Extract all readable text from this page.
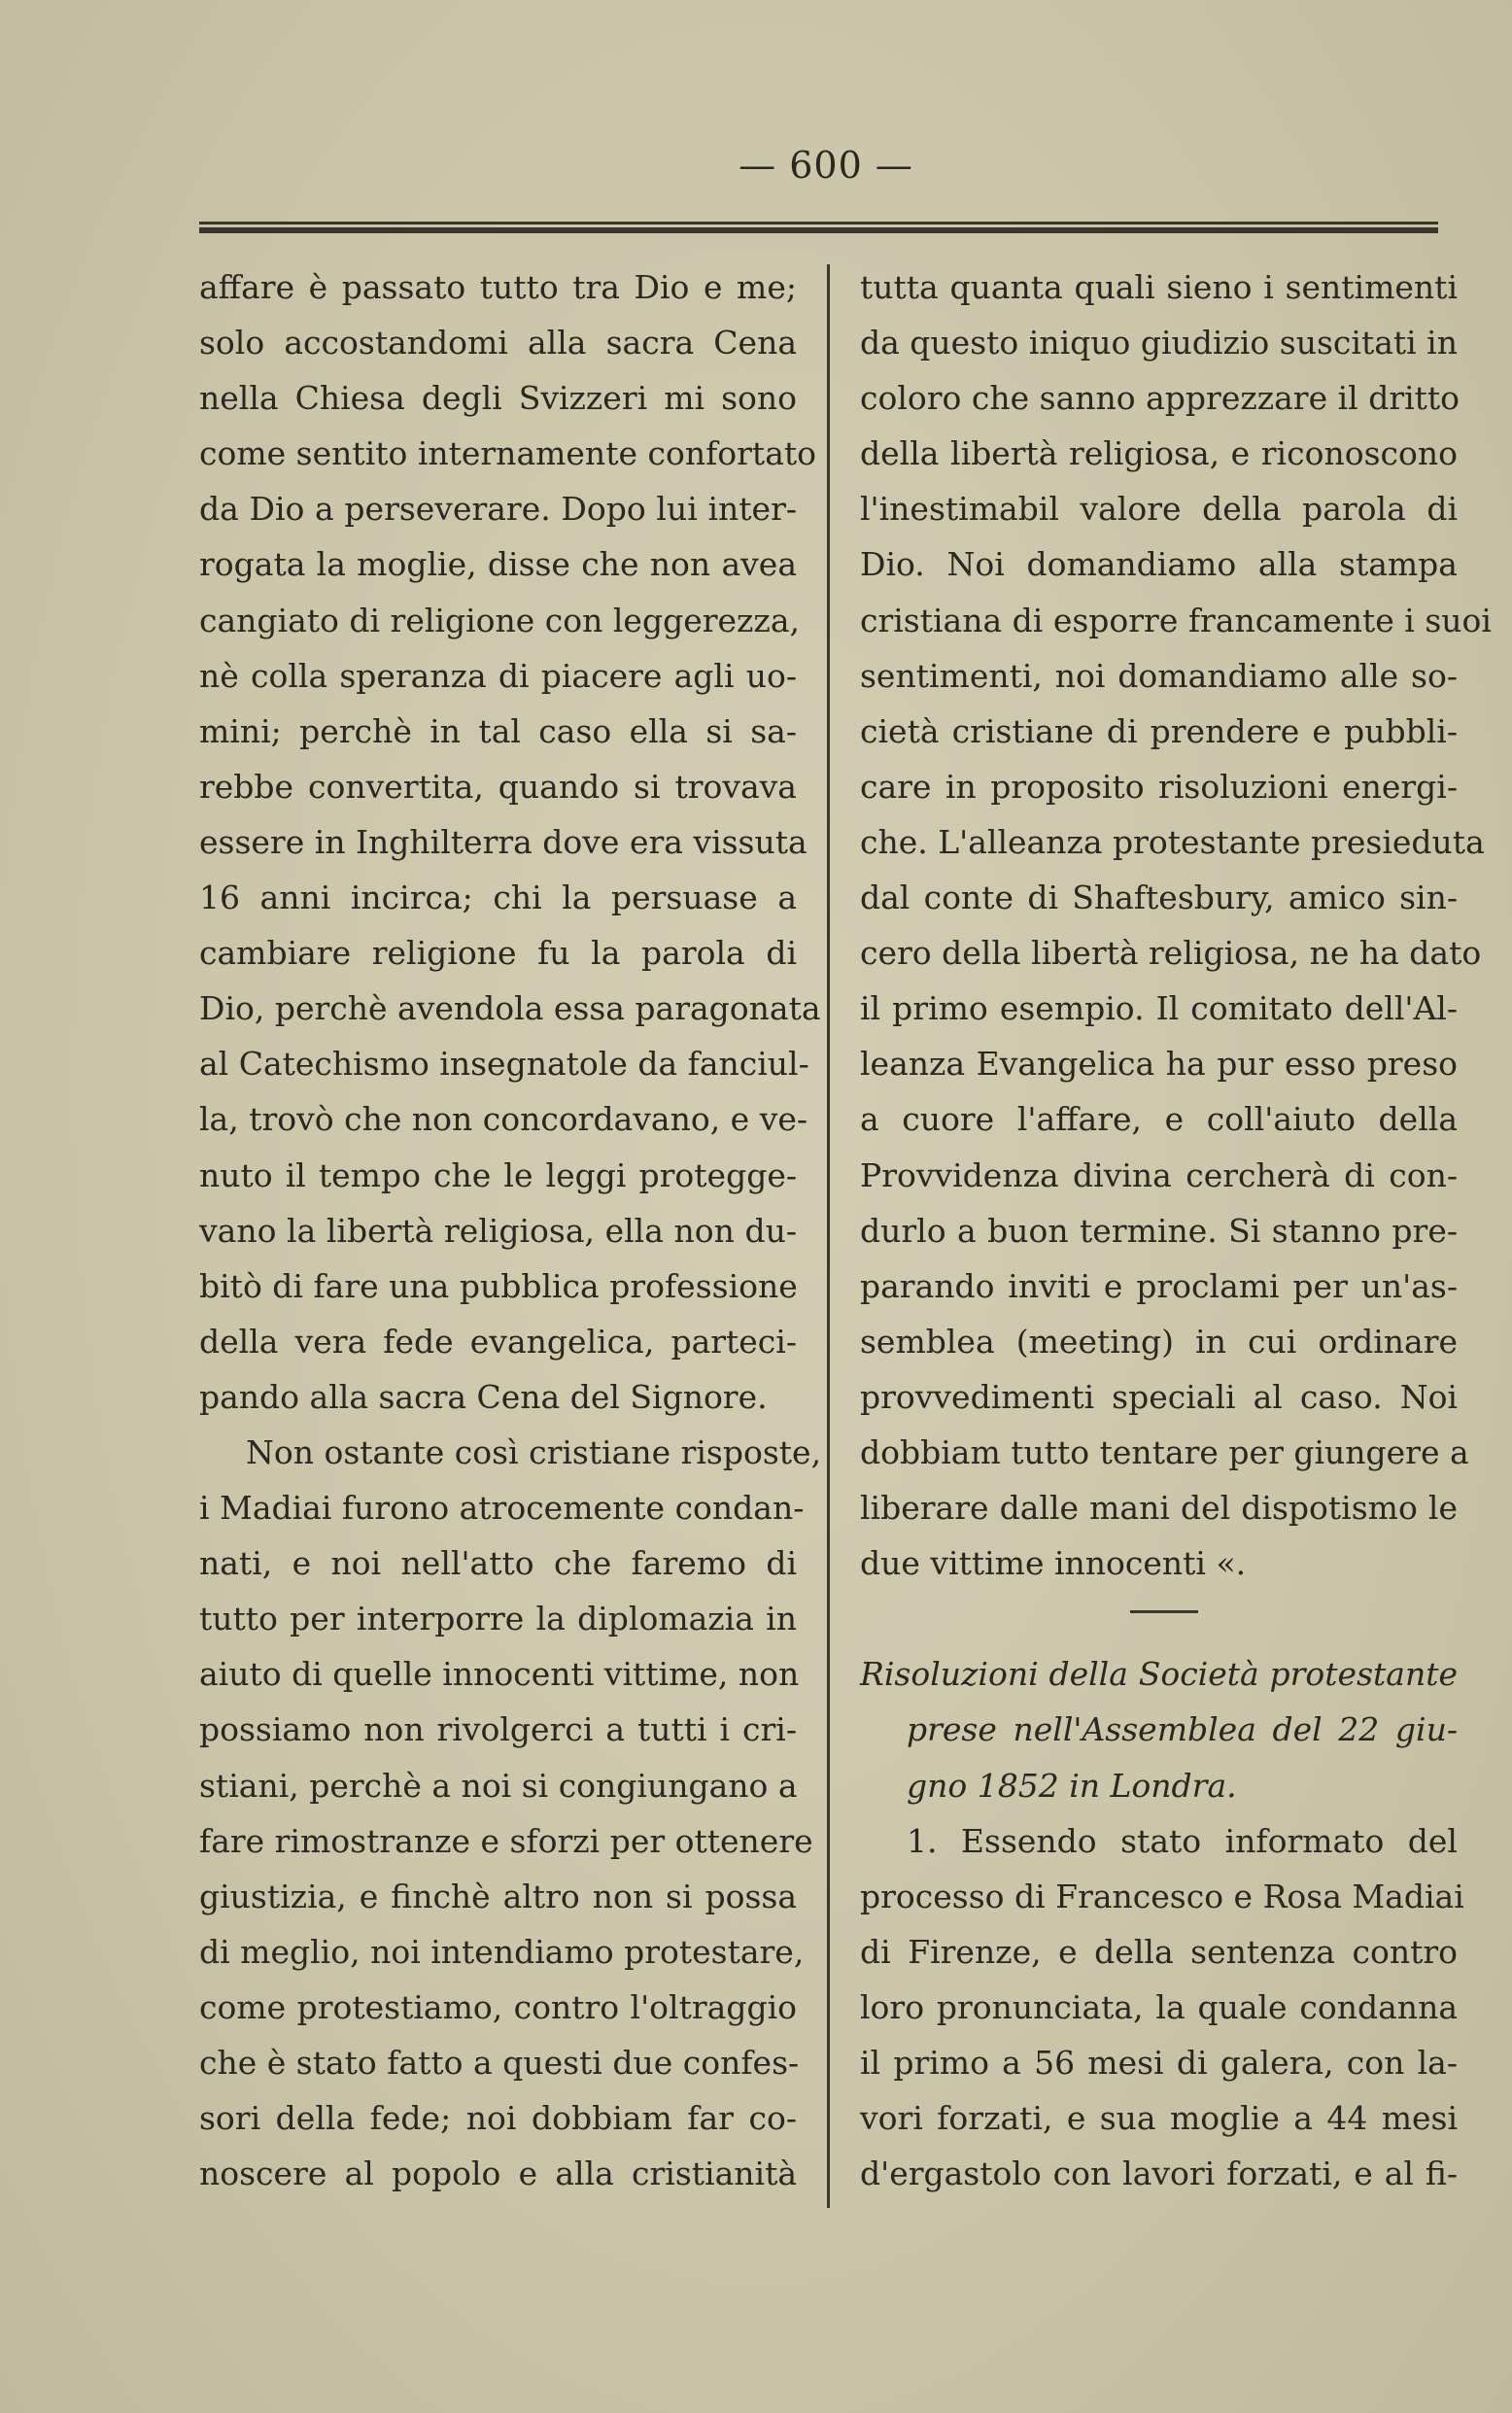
— 600 —
affare è passato tutto tra Dio e me;
solo accostandomi alla sacra Cena
nella Chiesa degli Svizzeri mi sono
come sentito internamente confortato
da Dio a perseverare. Dopo lui inter-
rogata la moglie, disse che non avea
cangiato di religione con leggerezza,
nè colla speranza di piacere agli uo-
mini; perchè in tal caso ella si sa-
rebbe convertita, quando si trovava
essere in Inghilterra dove era vissuta
16 anni incirca; chi la persuase a
cambiare religione fu la parola di
Dio, perchè avendola essa paragonata
al Catechismo insegnatole da fanciul-
la, trovò che non concordavano, e ve-
nuto il tempo che le leggi protegge-
vano la libertà religiosa, ella non du-
bitò di fare una pubblica professione
della vera fede evangelica, parteci-
pando alla sacra Cena del Signore.
Non ostante così cristiane risposte,
i Madiai furono atrocemente condan-
nati, e noi nell'atto che faremo di
tutto per interporre la diplomazia in
aiuto di quelle innocenti vittime, non
possiamo non rivolgerci a tutti i cri-
stiani, perchè a noi si congiungano a
fare rimostranze e sforzi per ottenere
giustizia, e finchè altro non si possa
di meglio, noi intendiamo protestare,
come protestiamo, contro l'oltraggio
che è stato fatto a questi due confes-
sori della fede; noi dobbiam far co-
noscere al popolo e alla cristianità
tutta quanta quali sieno i sentimenti
da questo iniquo giudizio suscitati in
coloro che sanno apprezzare il dritto
della libertà religiosa, e riconoscono
l'inestimabil valore della parola di
Dio. Noi domandiamo alla stampa
cristiana di esporre francamente i suoi
sentimenti, noi domandiamo alle so-
cietà cristiane di prendere e pubbli-
care in proposito risoluzioni energi-
che. L'alleanza protestante presieduta
dal conte di Shaftesbury, amico sin-
cero della libertà religiosa, ne ha dato
il primo esempio. Il comitato dell'Al-
leanza Evangelica ha pur esso preso
a cuore l'affare, e coll'aiuto della
Provvidenza divina cercherà di con-
durlo a buon termine. Si stanno pre-
parando inviti e proclami per un'as-
semblea (meeting) in cui ordinare
provvedimenti speciali al caso. Noi
dobbiam tutto tentare per giungere a
liberare dalle mani del dispotismo le
due vittime innocenti «.
Risoluzioni della Società protestante
prese nell'Assemblea del 22 giu-
gno 1852 in Londra.
1. Essendo stato informato del
processo di Francesco e Rosa Madiai
di Firenze, e della sentenza contro
loro pronunciata, la quale condanna
il primo a 56 mesi di galera, con la-
vori forzati, e sua moglie a 44 mesi
d'ergastolo con lavori forzati, e al fi-
